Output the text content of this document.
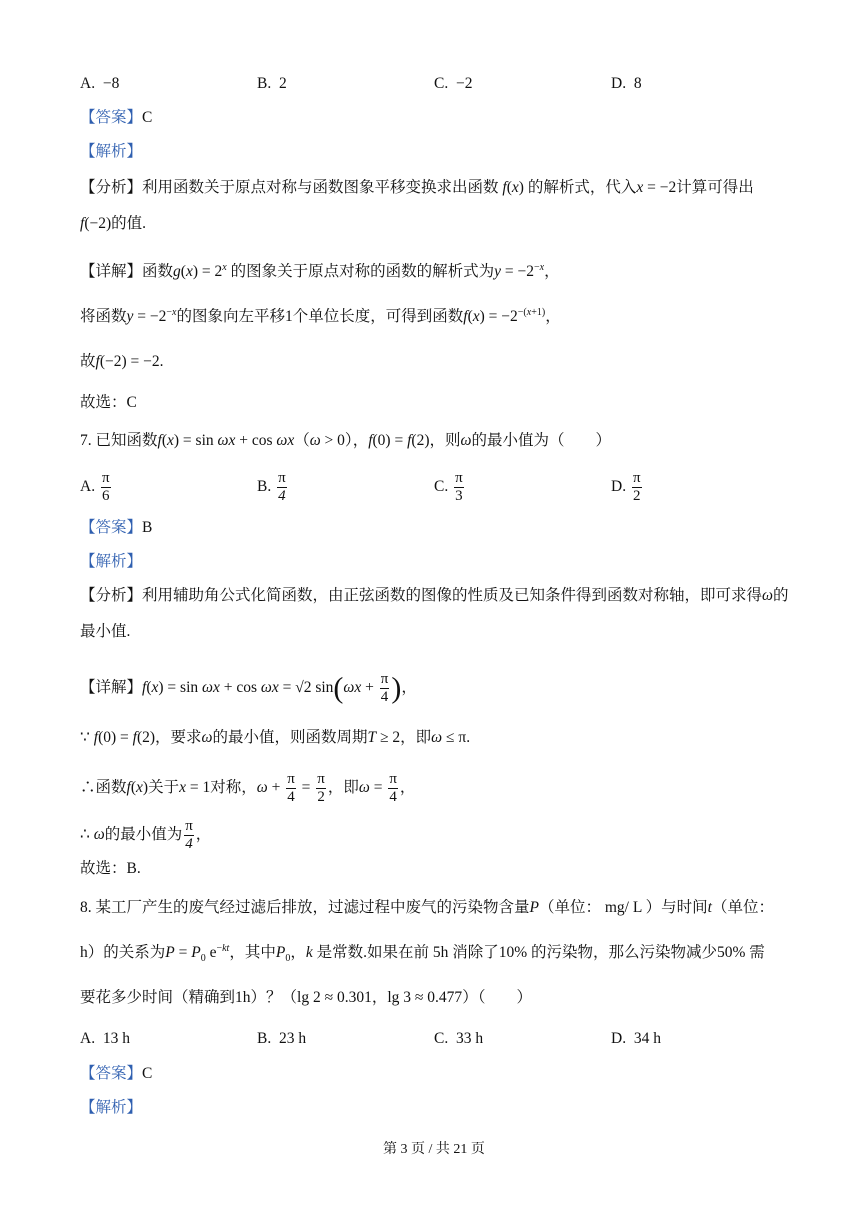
A. −8	B. 2	C. −2	D. 8
【答案】C
【解析】
【分析】利用函数关于原点对称与函数图象平移变换求出函数 f(x) 的解析式，代入x = −2计算可得出
f(−2)的值.
【详解】函数$g(x) = 2^x$ 的图象关于原点对称的函数的解析式为$y = -2^{-x}$，
将函数$y = -2^{-x}$的图象向左平移1个单位长度，可得到函数$f(x) = -2^{-(x+1)}$，
故f(−2) = −2.
故选：C
7. 已知函数f(x) = sin ωx + cos ωx（ω > 0），f(0) = f(2)，则ω的最小值为（　　）
A. $\frac{\pi}{6}$	B. $\frac{\pi}{4}$	C. $\frac{\pi}{3}$	D. $\frac{\pi}{2}$
【答案】B
【解析】
【分析】利用辅助角公式化简函数，由正弦函数的图像的性质及已知条件得到函数对称轴，即可求得ω的
最小值.
【详解】f(x) = sin ωx + cos ωx = √2 $\sin(\omega x + \frac{\pi}{4}$ )，
∵ f(0) = f(2)，要求ω的最小值，则函数周期T ≥ 2，即ω ≤ π.
∴函数f(x)关于x = 1对称，$\omega + \frac{\pi}{4} = \frac{\pi}{2}$ ，即$\omega = \frac{\pi}{4}$ ，
∴ ω的最小值为 $\frac{\pi}{4}$ ，
故选：B.
8. 某工厂产生的废气经过滤后排放，过滤过程中废气的污染物含量P（单位： mg/ L ）与时间t（单位：
h）的关系为$P = P_0$ $e^{-kt}$，其中$P_0$，k 是常数.如果在前 5h 消除了10% 的污染物，那么污染物减少50% 需
要花多少时间（精确到1h）？（lg 2 ≈ 0.301，lg 3 ≈ 0.477）（　　）
A. 13 h	B. 23 h	C. 33 h	D. 34 h
【答案】C
【解析】
第 3 页 / 共 21 页
